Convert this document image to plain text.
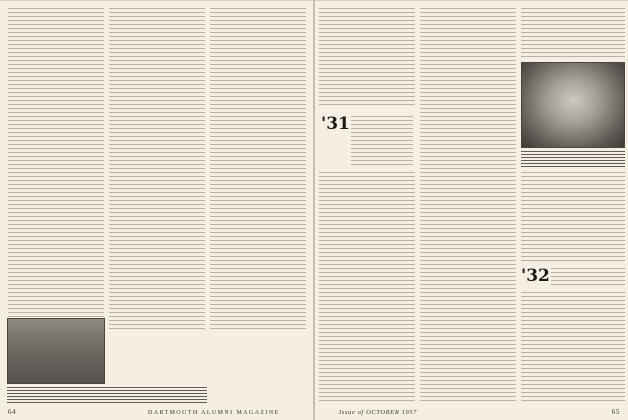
64	DARTMOUTH ALUMNI MAGAZINE
'31
'32
Issue of OCTOBER 1957	65
